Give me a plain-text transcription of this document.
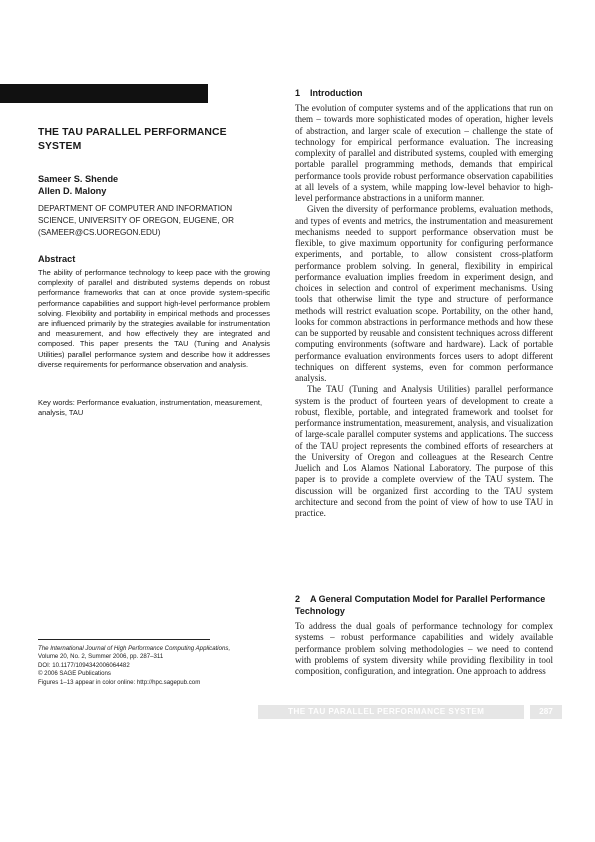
THE TAU PARALLEL PERFORMANCE SYSTEM
Sameer S. Shende
Allen D. Malony
DEPARTMENT OF COMPUTER AND INFORMATION SCIENCE, UNIVERSITY OF OREGON, EUGENE, OR (SAMEER@CS.UOREGON.EDU)
Abstract

The ability of performance technology to keep pace with the growing complexity of parallel and distributed systems depends on robust performance frameworks that can at once provide system-specific performance capabilities and support high-level performance problem solving. Flexibility and portability in empirical methods and processes are influenced primarily by the strategies available for instrumentation and measurement, and how effectively they are integrated and composed. This paper presents the TAU (Tuning and Analysis Utilities) parallel performance system and describe how it addresses diverse requirements for performance observation and analysis.

Key words: Performance evaluation, instrumentation, measurement, analysis, TAU

The International Journal of High Performance Computing Applications,
Volume 20, No. 2, Summer 2006, pp. 287–311
DOI: 10.1177/1094342006064482
© 2006 SAGE Publications
Figures 1–13 appear in color online: http://hpc.sagepub.com
1 Introduction

The evolution of computer systems and of the applications that run on them – towards more sophisticated modes of operation, higher levels of abstraction, and larger scale of execution – challenge the state of technology for empirical performance evaluation. The increasing complexity of parallel and distributed systems, coupled with emerging portable parallel programming methods, demands that empirical performance tools provide robust performance observation capabilities at all levels of a system, while mapping low-level behavior to high-level performance abstractions in a uniform manner.

Given the diversity of performance problems, evaluation methods, and types of events and metrics, the instrumentation and measurement mechanisms needed to support performance observation must be flexible, to give maximum opportunity for configuring performance experiments, and portable, to allow consistent cross-platform performance problem solving. In general, flexibility in empirical performance evaluation implies freedom in experiment design, and choices in selection and control of experiment mechanisms. Using tools that otherwise limit the type and structure of performance methods will restrict evaluation scope. Portability, on the other hand, looks for common abstractions in performance methods and how these can be supported by reusable and consistent techniques across different computing environments (software and hardware). Lack of portable performance evaluation environments forces users to adopt different techniques on different systems, even for common performance analysis.

The TAU (Tuning and Analysis Utilities) parallel performance system is the product of fourteen years of development to create a robust, flexible, portable, and integrated framework and toolset for performance instrumentation, measurement, analysis, and visualization of large-scale parallel computer systems and applications. The success of the TAU project represents the combined efforts of researchers at the University of Oregon and colleagues at the Research Centre Juelich and Los Alamos National Laboratory. The purpose of this paper is to provide a complete overview of the TAU system. The discussion will be organized first according to the TAU system architecture and second from the point of view of how to use TAU in practice.

2 A General Computation Model for Parallel Performance Technology

To address the dual goals of performance technology for complex systems – robust performance capabilities and widely available performance problem solving methodologies – we need to contend with problems of system diversity while providing flexibility in tool composition, configuration, and integration. One approach to address

THE TAU PARALLEL PERFORMANCE SYSTEM	287
